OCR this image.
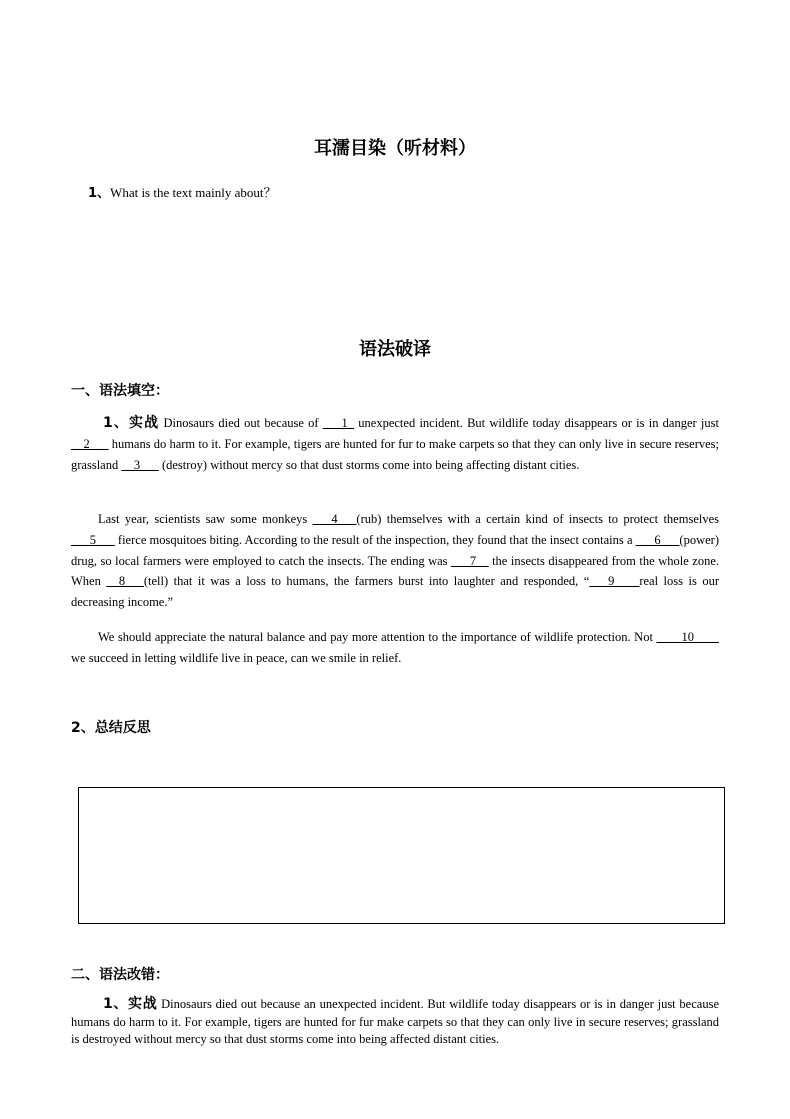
耳濡目染（听材料）
1、What is the text mainly about？
语法破译
一、语法填空：
1、实战 Dinosaurs died out because of ___1_ unexpected incident. But wildlife today disappears or is in danger just __2___ humans do harm to it. For example, tigers are hunted for fur to make carpets so that they can only live in secure reserves; grassland __3___ (destroy) without mercy so that dust storms come into being affecting distant cities.
Last year, scientists saw some monkeys ___4___(rub) themselves with a certain kind of insects to protect themselves ___5___ fierce mosquitoes biting. According to the result of the inspection, they found that the insect contains a ___6___(power) drug, so local farmers were employed to catch the insects. The ending was ___7__ the insects disappeared from the whole zone. When __8___(tell) that it was a loss to humans, the farmers burst into laughter and responded, “___9____real loss is our decreasing income.”
We should appreciate the natural balance and pay more attention to the importance of wildlife protection. Not ____10____ we succeed in letting wildlife live in peace, can we smile in relief.
2、总结反思
二、语法改错：
1、实战 Dinosaurs died out because an unexpected incident. But wildlife today disappears or is in danger just because humans do harm to it. For example, tigers are hunted for fur make carpets so that they can only live in secure reserves; grassland is destroyed without mercy so that dust storms come into being affected distant cities.
